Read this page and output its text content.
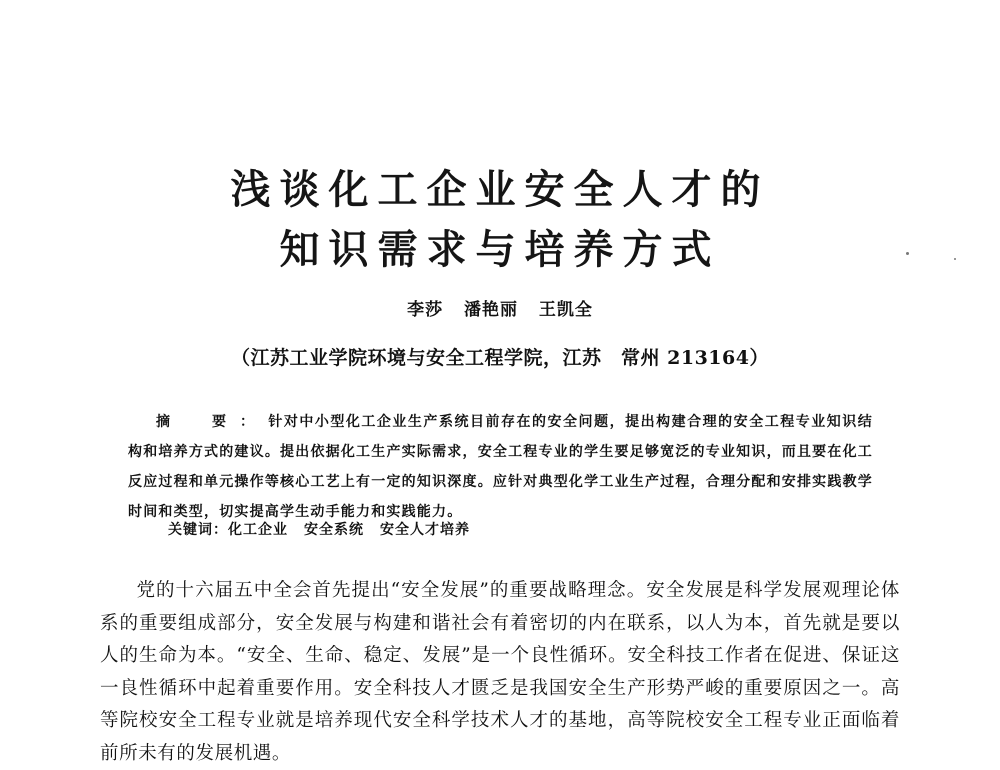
浅谈化工企业安全人才的
知识需求与培养方式
李莎 潘艳丽 王凯全
（江苏工业学院环境与安全工程学院，江苏　常州 213164）
摘　要：针对中小型化工企业生产系统目前存在的安全问题，提出构建合理的安全工程专业知识结构和培养方式的建议。提出依据化工生产实际需求，安全工程专业的学生要足够宽泛的专业知识，而且要在化工反应过程和单元操作等核心工艺上有一定的知识深度。应针对典型化学工业生产过程，合理分配和安排实践教学时间和类型，切实提高学生动手能力和实践能力。
关键词：化工企业 安全系统 安全人才培养
党的十六届五中全会首先提出“安全发展”的重要战略理念。安全发展是科学发展观理论体系的重要组成部分，安全发展与构建和谐社会有着密切的内在联系，以人为本，首先就是要以人的生命为本。“安全、生命、稳定、发展”是一个良性循环。安全科技工作者在促进、保证这一良性循环中起着重要作用。安全科技人才匮乏是我国安全生产形势严峻的重要原因之一。高等院校安全工程专业就是培养现代安全科学技术人才的基地，高等院校安全工程专业正面临着前所未有的发展机遇。
